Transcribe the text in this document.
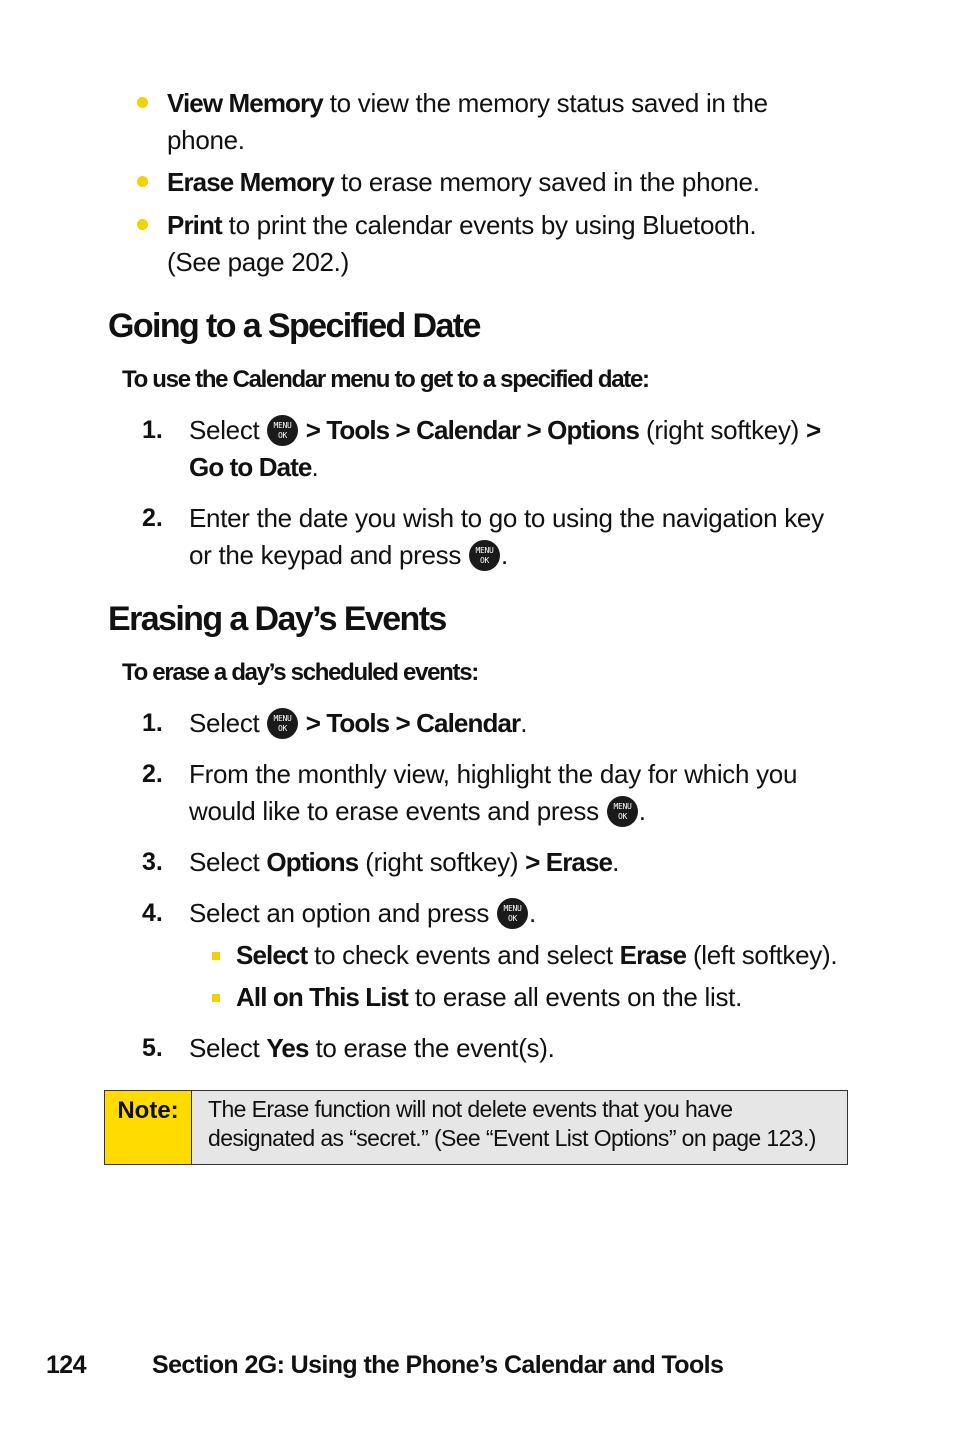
View Memory to view the memory status saved in the
phone.
Erase Memory to erase memory saved in the phone.
Print to print the calendar events by using Bluetooth.
(See page 202.)
Going to a Specified Date
To use the Calendar menu to get to a specified date:
1. Select MENU
OK > Tools > Calendar > Options (right softkey) >
Go to Date.
2. Enter the date you wish to go to using the navigation key
or the keypad and press MENU
OK .
Erasing a Day’s Events
To erase a day’s scheduled events:
1. Select MENU
OK > Tools > Calendar.
2. From the monthly view, highlight the day for which you
would like to erase events and press MENU
OK .
3. Select Options (right softkey) > Erase.
4. Select an option and press MENU
OK .
Select to check events and select Erase (left softkey).
All on This List to erase all events on the list.
5. Select Yes to erase the event(s).
Note:	The Erase function will not delete events that you have
designated as “secret.” (See “Event List Options” on page 123.)
124	Section 2G: Using the Phone’s Calendar and Tools
